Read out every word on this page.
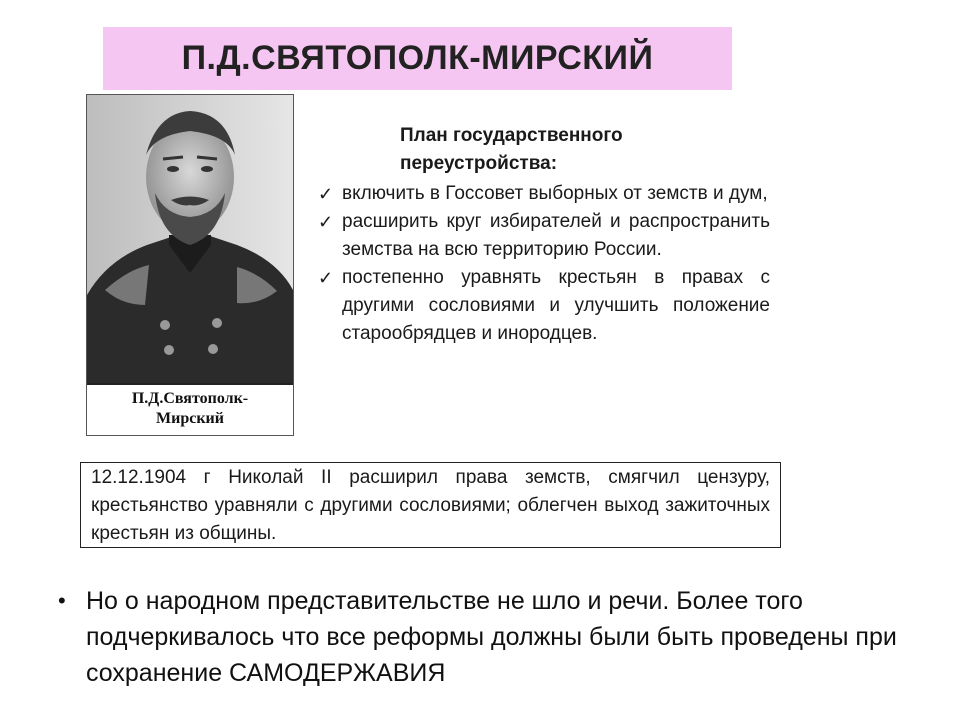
П.Д.СВЯТОПОЛК-МИРСКИЙ
П.Д.Святополк-
Мирский
План государственного переустройства:
✓ включить в Госсовет выборных от земств и дум,
✓ расширить круг избирателей и распространить земства на всю территорию России.
✓ постепенно уравнять крестьян в правах с другими сословиями и улучшить положение старообрядцев и инородцев.
12.12.1904 г Николай II расширил права земств, смягчил цензуру, крестьянство уравняли с другими сословиями; облегчен выход зажиточных крестьян из общины.
• Но о народном представительстве не шло и речи. Более того подчеркивалось что все реформы должны были быть проведены при сохранение САМОДЕРЖАВИЯ
